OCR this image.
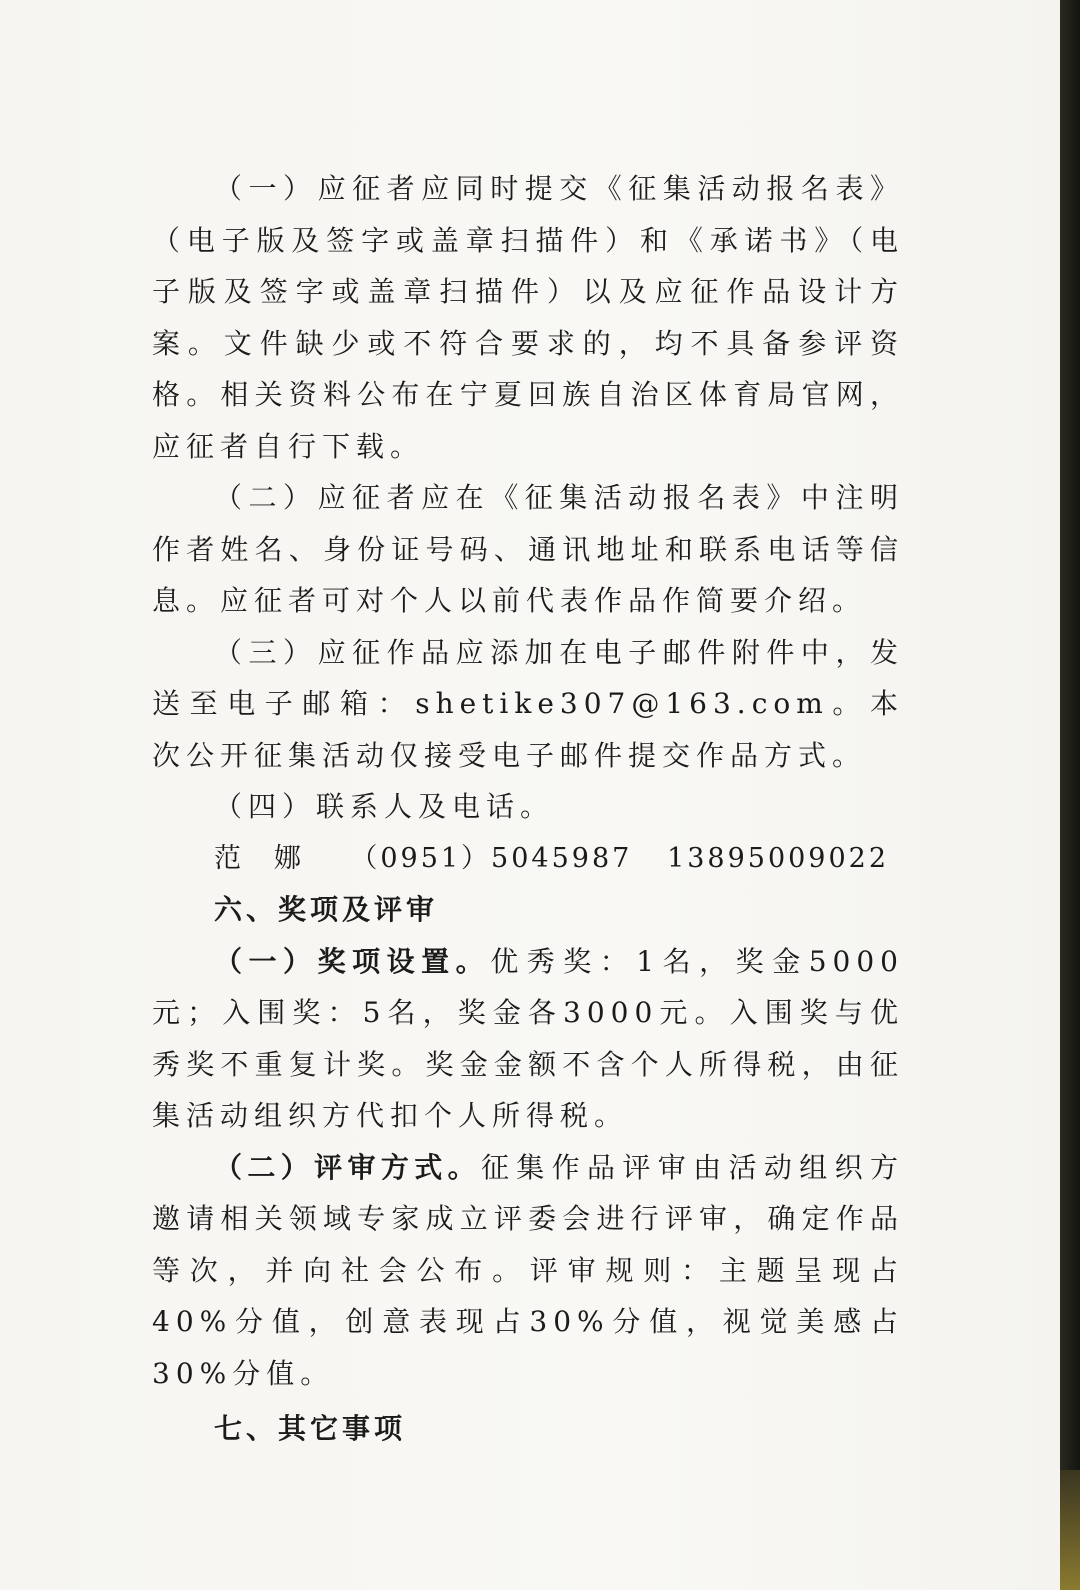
（一）应征者应同时提交《征集活动报名表》（电子版及签字或盖章扫描件）和《承诺书》（电子版及签字或盖章扫描件）以及应征作品设计方案。文件缺少或不符合要求的，均不具备参评资格。相关资料公布在宁夏回族自治区体育局官网，应征者自行下载。

（二）应征者应在《征集活动报名表》中注明作者姓名、身份证号码、通讯地址和联系电话等信息。应征者可对个人以前代表作品作简要介绍。

（三）应征作品应添加在电子邮件附件中，发送至电子邮箱：shetike307@163.com。本次公开征集活动仅接受电子邮件提交作品方式。

（四）联系人及电话。

范　娜 （0951）5045987 13895009022

六、奖项及评审

（一）奖项设置。优秀奖：1名，奖金5000元；入围奖：5名，奖金各3000元。入围奖与优秀奖不重复计奖。奖金金额不含个人所得税，由征集活动组织方代扣个人所得税。

（二）评审方式。征集作品评审由活动组织方邀请相关领域专家成立评委会进行评审，确定作品等次，并向社会公布。评审规则：主题呈现占40%分值，创意表现占30%分值，视觉美感占30%分值。

七、其它事项
